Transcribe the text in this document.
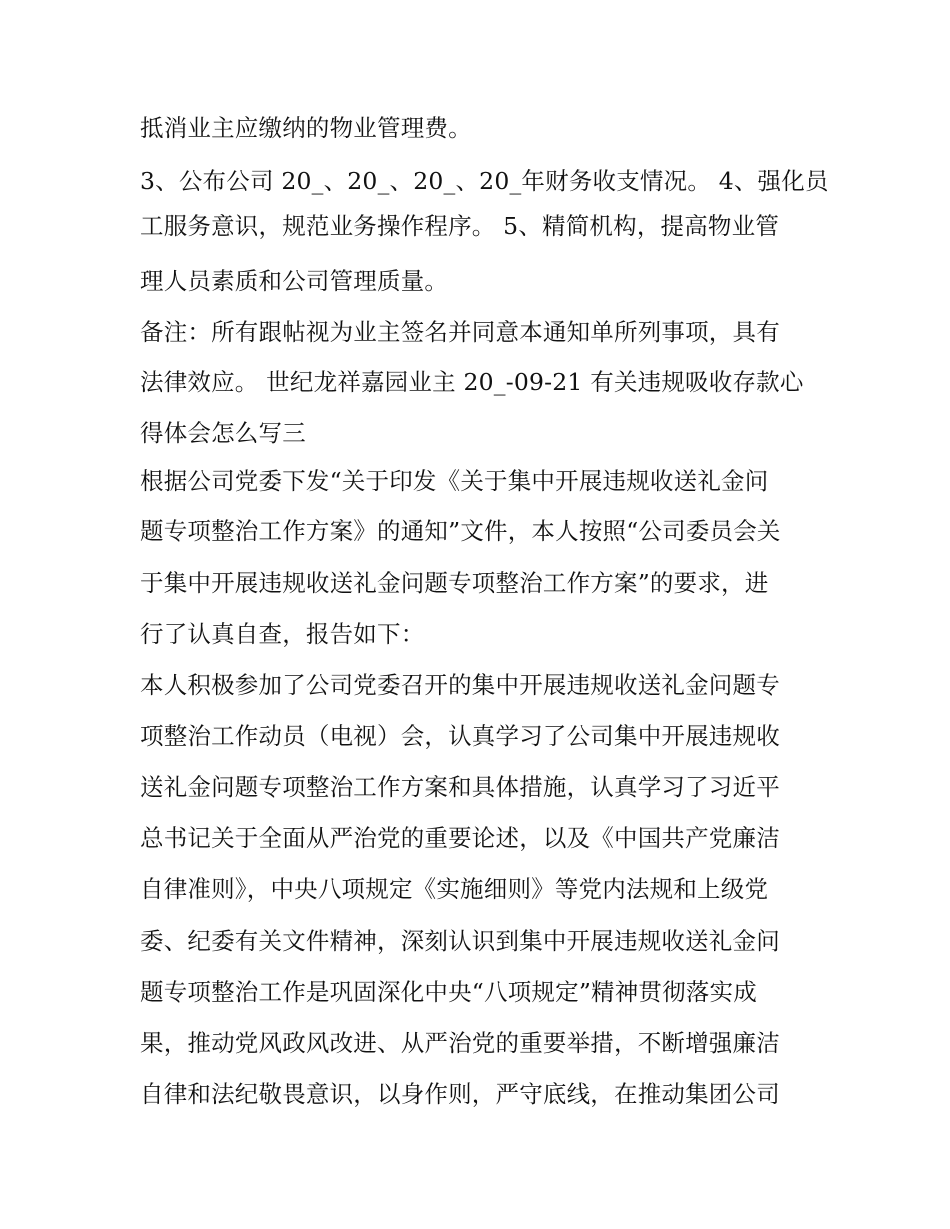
抵消业主应缴纳的物业管理费。
3、公布公司 20_、20_、20_、20_年财务收支情况。 4、强化员
工服务意识，规范业务操作程序。 5、精简机构，提高物业管
理人员素质和公司管理质量。
备注：所有跟帖视为业主签名并同意本通知单所列事项，具有
法律效应。 世纪龙祥嘉园业主 20_-09-21 有关违规吸收存款心
得体会怎么写三
根据公司党委下发“关于印发《关于集中开展违规收送礼金问
题专项整治工作方案》的通知”文件，本人按照“公司委员会关
于集中开展违规收送礼金问题专项整治工作方案”的要求，进
行了认真自查，报告如下：
本人积极参加了公司党委召开的集中开展违规收送礼金问题专
项整治工作动员（电视）会，认真学习了公司集中开展违规收
送礼金问题专项整治工作方案和具体措施，认真学习了习近平
总书记关于全面从严治党的重要论述，以及《中国共产党廉洁
自律准则》，中央八项规定《实施细则》等党内法规和上级党
委、纪委有关文件精神，深刻认识到集中开展违规收送礼金问
题专项整治工作是巩固深化中央“八项规定”精神贯彻落实成
果，推动党风政风改进、从严治党的重要举措，不断增强廉洁
自律和法纪敬畏意识，以身作则，严守底线，在推动集团公司
